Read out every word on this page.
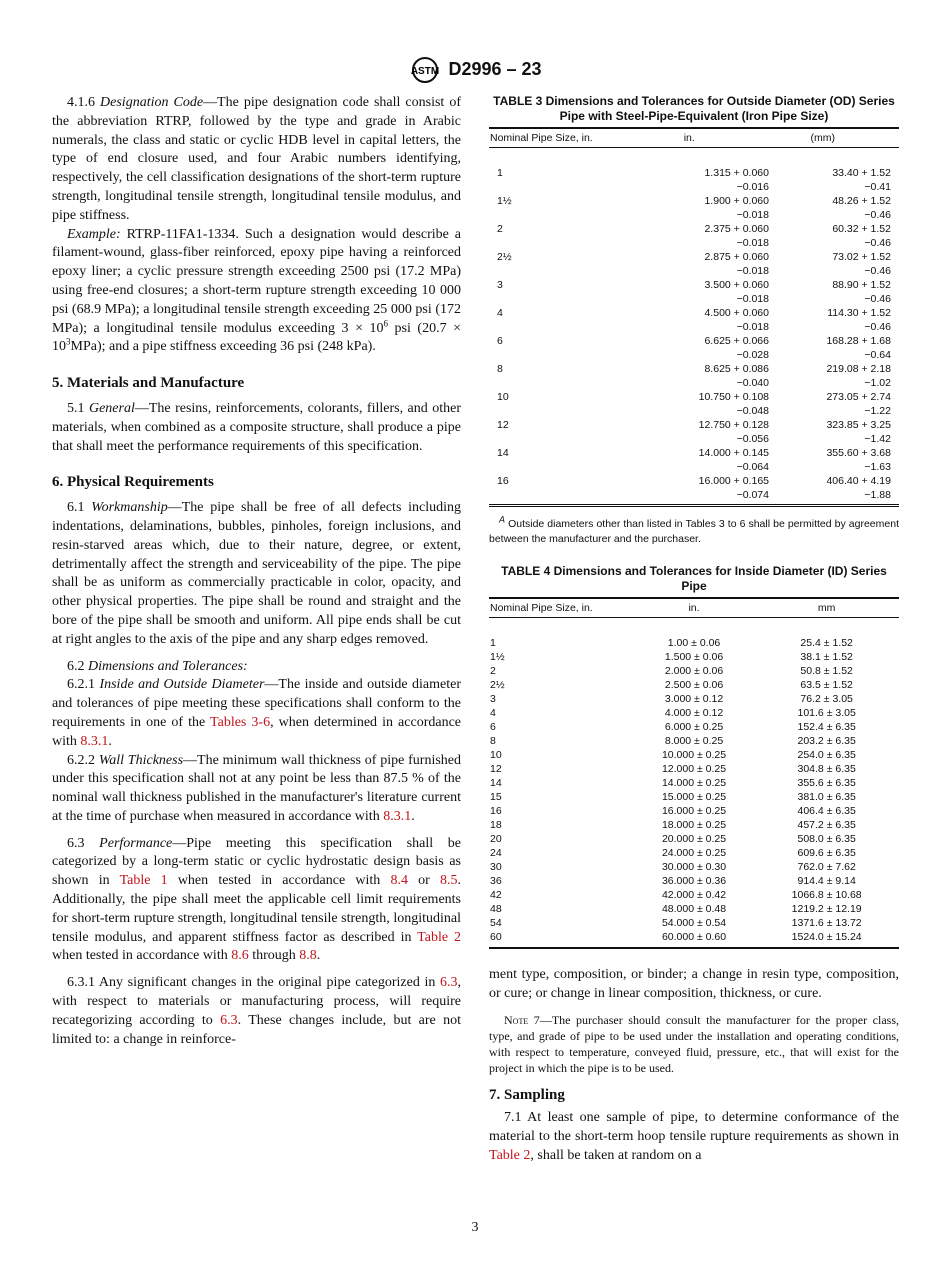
ASTM D2996 – 23
4.1.6 Designation Code—The pipe designation code shall consist of the abbreviation RTRP, followed by the type and grade in Arabic numerals, the class and static or cyclic HDB level in capital letters, the type of end closure used, and four Arabic numbers identifying, respectively, the cell classification designations of the short-term rupture strength, longitudinal tensile strength, longitudinal tensile modulus, and pipe stiffness.
Example: RTRP-11FA1-1334. Such a designation would describe a filament-wound, glass-fiber reinforced, epoxy pipe having a reinforced epoxy liner; a cyclic pressure strength exceeding 2500 psi (17.2 MPa) using free-end closures; a short-term rupture strength exceeding 10 000 psi (68.9 MPa); a longitudinal tensile strength exceeding 25 000 psi (172 MPa); a longitudinal tensile modulus exceeding $3 \times 10^6$ psi $(20.7 \times 10^3MPa)$; and a pipe stiffness exceeding 36 psi (248 kPa).
5. Materials and Manufacture
5.1 General—The resins, reinforcements, colorants, fillers, and other materials, when combined as a composite structure, shall produce a pipe that shall meet the performance requirements of this specification.
6. Physical Requirements
6.1 Workmanship—The pipe shall be free of all defects including indentations, delaminations, bubbles, pinholes, foreign inclusions, and resin-starved areas which, due to their nature, degree, or extent, detrimentally affect the strength and serviceability of the pipe. The pipe shall be as uniform as commercially practicable in color, opacity, and other physical properties. The pipe shall be round and straight and the bore of the pipe shall be smooth and uniform. All pipe ends shall be cut at right angles to the axis of the pipe and any sharp edges removed.
6.2 Dimensions and Tolerances:
6.2.1 Inside and Outside Diameter—The inside and outside diameter and tolerances of pipe meeting these specifications shall conform to the requirements in one of the Tables 3-6, when determined in accordance with 8.3.1.
6.2.2 Wall Thickness—The minimum wall thickness of pipe furnished under this specification shall not at any point be less than 87.5 % of the nominal wall thickness published in the manufacturer's literature current at the time of purchase when measured in accordance with 8.3.1.
6.3 Performance—Pipe meeting this specification shall be categorized by a long-term static or cyclic hydrostatic design basis as shown in Table 1 when tested in accordance with 8.4 or 8.5. Additionally, the pipe shall meet the applicable cell limit requirements for short-term rupture strength, longitudinal tensile strength, longitudinal tensile modulus, and apparent stiffness factor as described in Table 2 when tested in accordance with 8.6 through 8.8.
6.3.1 Any significant changes in the original pipe categorized in 6.3, with respect to materials or manufacturing process, will require recategorizing according to 6.3. These changes include, but are not limited to: a change in reinforce-
TABLE 3 Dimensions and Tolerances for Outside Diameter (OD) Series Pipe with Steel-Pipe-Equivalent (Iron Pipe Size)
Nominal Pipe Size, in.	in.	(mm)
1	1.315 + 0.060	33.40 + 1.52
−0.016	−0.41
1½	1.900 + 0.060	48.26 + 1.52
−0.018	−0.46
2	2.375 + 0.060	60.32 + 1.52
−0.018	−0.46
2½	2.875 + 0.060	73.02 + 1.52
−0.018	−0.46
3	3.500 + 0.060	88.90 + 1.52
−0.018	−0.46
4	4.500 + 0.060	114.30 + 1.52
−0.018	−0.46
6	6.625 + 0.066	168.28 + 1.68
−0.028	−0.64
8	8.625 + 0.086	219.08 + 2.18
−0.040	−1.02
10	10.750 + 0.108	273.05 + 2.74
−0.048	−1.22
12	12.750 + 0.128	323.85 + 3.25
−0.056	−1.42
14	14.000 + 0.145	355.60 + 3.68
−0.064	−1.63
16	16.000 + 0.165	406.40 + 4.19
−0.074	−1.88
$^A$ Outside diameters other than listed in Tables 3 to 6 shall be permitted by agreement between the manufacturer and the purchaser.
TABLE 4 Dimensions and Tolerances for Inside Diameter (ID) Series Pipe
Nominal Pipe Size, in.	in.	mm
1	1.00 ± 0.06	25.4 ± 1.52
1½	1.500 ± 0.06	38.1 ± 1.52
2	2.000 ± 0.06	50.8 ± 1.52
2½	2.500 ± 0.06	63.5 ± 1.52
3	3.000 ± 0.12	76.2 ± 3.05
4	4.000 ± 0.12	101.6 ± 3.05
6	6.000 ± 0.25	152.4 ± 6.35
8	8.000 ± 0.25	203.2 ± 6.35
10	10.000 ± 0.25	254.0 ± 6.35
12	12.000 ± 0.25	304.8 ± 6.35
14	14.000 ± 0.25	355.6 ± 6.35
15	15.000 ± 0.25	381.0 ± 6.35
16	16.000 ± 0.25	406.4 ± 6.35
18	18.000 ± 0.25	457.2 ± 6.35
20	20.000 ± 0.25	508.0 ± 6.35
24	24.000 ± 0.25	609.6 ± 6.35
30	30.000 ± 0.30	762.0 ± 7.62
36	36.000 ± 0.36	914.4 ± 9.14
42	42.000 ± 0.42	1066.8 ± 10.68
48	48.000 ± 0.48	1219.2 ± 12.19
54	54.000 ± 0.54	1371.6 ± 13.72
60	60.000 ± 0.60	1524.0 ± 15.24
ment type, composition, or binder; a change in resin type, composition, or cure; or change in linear composition, thickness, or cure.
Note 7—The purchaser should consult the manufacturer for the proper class, type, and grade of pipe to be used under the installation and operating conditions, with respect to temperature, conveyed fluid, pressure, etc., that will exist for the project in which the pipe is to be used.
7. Sampling
7.1 At least one sample of pipe, to determine conformance of the material to the short-term hoop tensile rupture requirements as shown in Table 2, shall be taken at random on a
3
